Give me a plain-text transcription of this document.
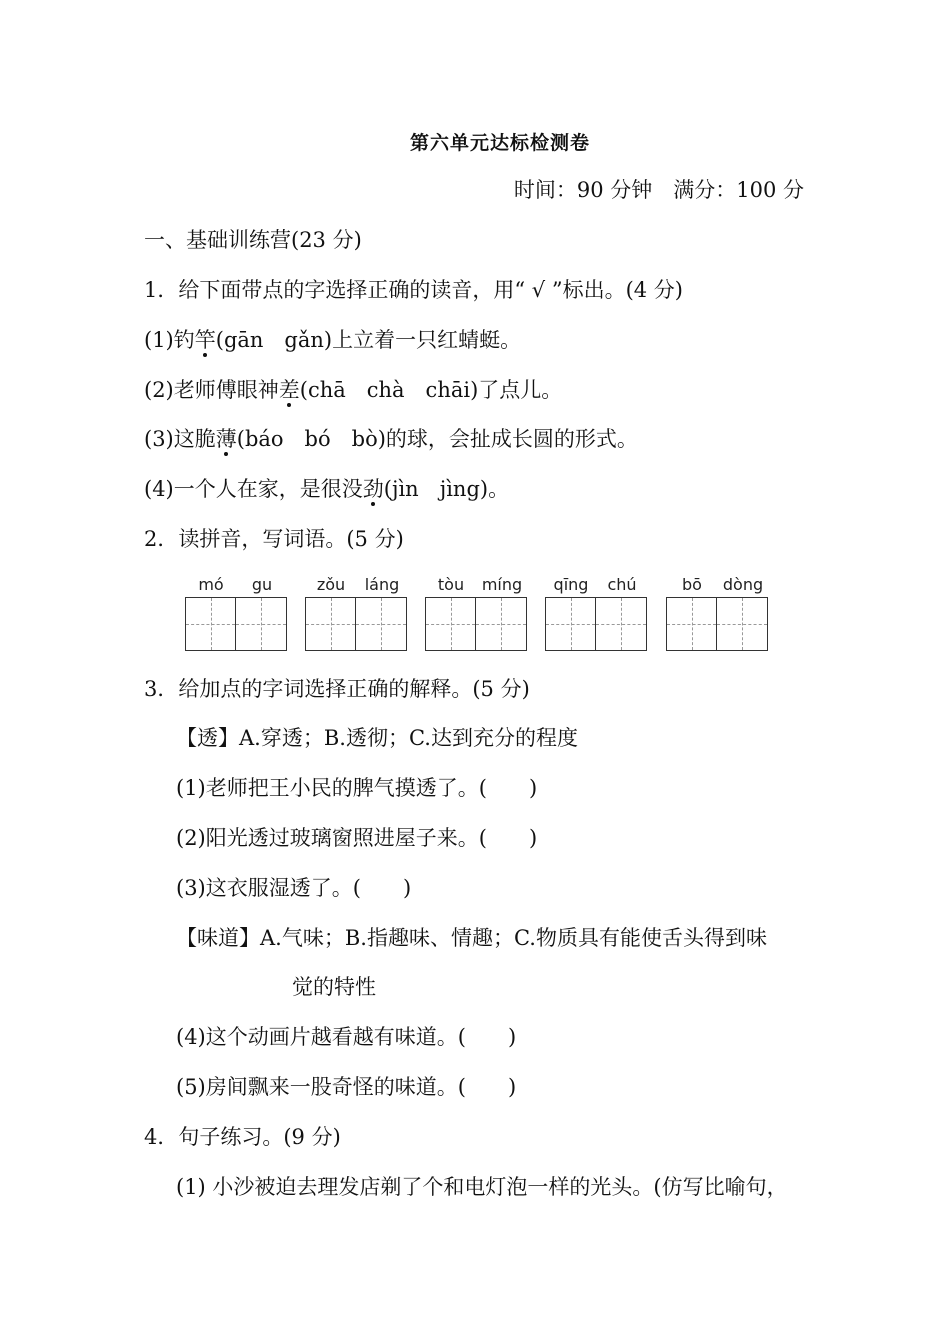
第六单元达标检测卷
时间：90 分钟　满分：100 分
一、基础训练营(23 分)
1．给下面带点的字选择正确的读音，用“ √ ”标出。(4 分)
(1)钓竿(gān　gǎn)上立着一只红蜻蜓。
(2)老师傅眼神差(chā　chà　chāi)了点儿。
(3)这脆薄(báo　bó　bò)的球，会扯成长圆的形式。
(4)一个人在家，是很没劲(jìn　jìng)。
2．读拼音，写词语。(5 分)
mó	gu	zǒu	láng	tòu	míng	qīng	chú	bō	dòng
3．给加点的字词选择正确的解释。(5 分)
【透】A.穿透；B.透彻；C.达到充分的程度
(1)老师把王小民的脾气摸透了。(　　)
(2)阳光透过玻璃窗照进屋子来。(　　)
(3)这衣服湿透了。(　　)
【味道】A.气味；B.指趣味、情趣；C.物质具有能使舌头得到味
觉的特性
(4)这个动画片越看越有味道。(　　)
(5)房间飘来一股奇怪的味道。(　　)
4．句子练习。(9 分)
(1) 小沙被迫去理发店剃了个和电灯泡一样的光头。(仿写比喻句，
